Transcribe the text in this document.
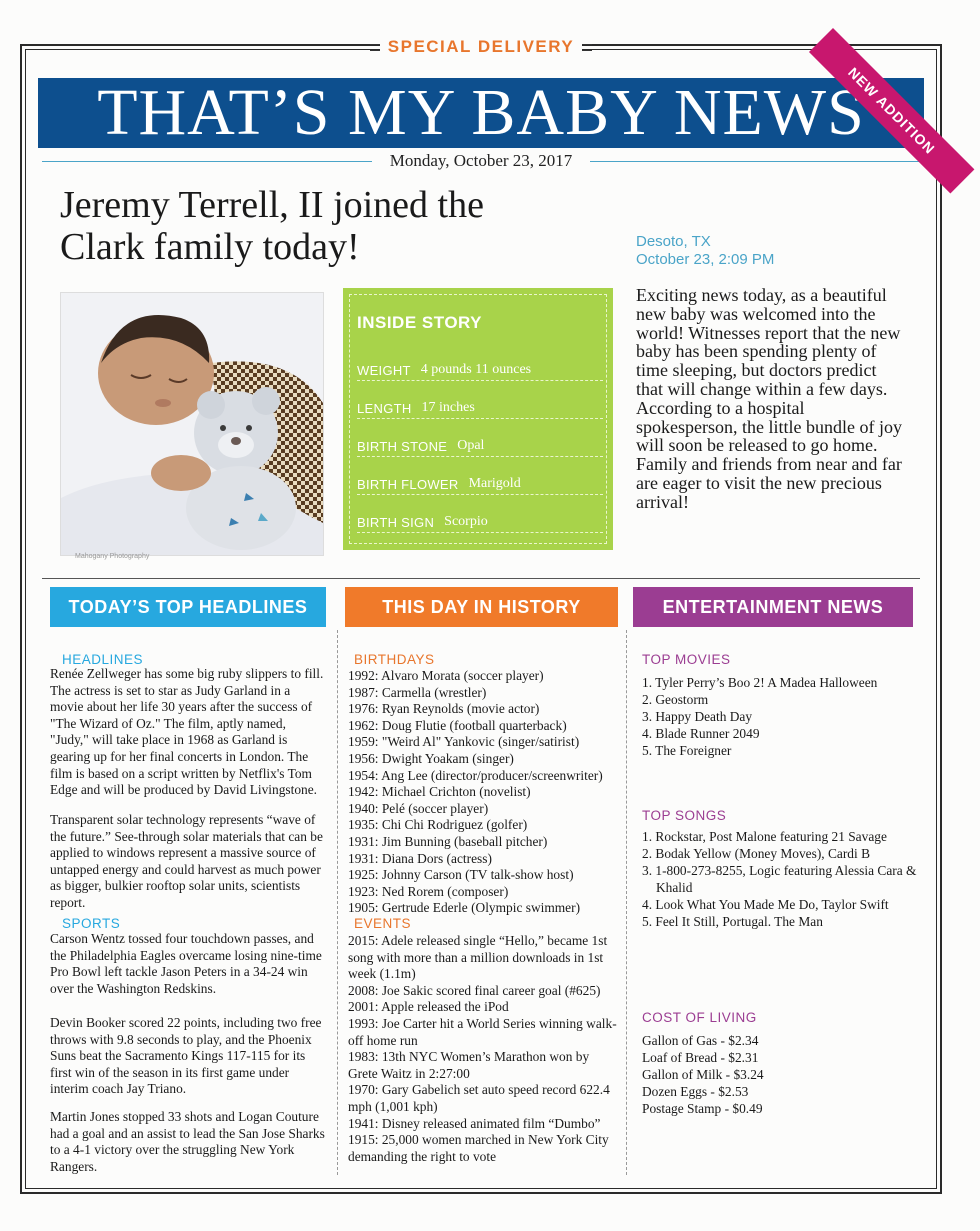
SPECIAL DELIVERY
THAT’S MY BABY NEWS
Monday, October 23, 2017
NEW ADDITION
Jeremy Terrell, II joined the
Clark family today!	Desoto, TX
October 23, 2:09 PM
Mahogany Photography
INSIDE STORY
WEIGHT 4 pounds 11 ounces
LENGTH 17 inches
BIRTH STONE Opal
BIRTH FLOWER Marigold
BIRTH SIGN Scorpio
Exciting news today, as a beautiful new baby was welcomed into the world! Witnesses report that the new baby has been spending plenty of time sleeping, but doctors predict that will change within a few days. According to a hospital spokesperson, the little bundle of joy will soon be released to go home. Family and friends from near and far are eager to visit the new precious arrival!
TODAY’S TOP HEADLINES	THIS DAY IN HISTORY	ENTERTAINMENT NEWS
HEADLINES
Renée Zellweger has some big ruby slippers to fill.
The actress is set to star as Judy Garland in a
movie about her life 30 years after the success of
"The Wizard of Oz." The film, aptly named,
"Judy," will take place in 1968 as Garland is
gearing up for her final concerts in London. The
film is based on a script written by Netflix's Tom
Edge and will be produced by David Livingstone.
Transparent solar technology represents “wave of
the future.” See-through solar materials that can be
applied to windows represent a massive source of
untapped energy and could harvest as much power
as bigger, bulkier rooftop solar units, scientists
report.
SPORTS
Carson Wentz tossed four touchdown passes, and
the Philadelphia Eagles overcame losing nine-time
Pro Bowl left tackle Jason Peters in a 34-24 win
over the Washington Redskins.
Devin Booker scored 22 points, including two free
throws with 9.8 seconds to play, and the Phoenix
Suns beat the Sacramento Kings 117-115 for its
first win of the season in its first game under
interim coach Jay Triano.
Martin Jones stopped 33 shots and Logan Couture
had a goal and an assist to lead the San Jose Sharks
to a 4-1 victory over the struggling New York
Rangers.
BIRTHDAYS
1992: Alvaro Morata (soccer player)
1987: Carmella (wrestler)
1976: Ryan Reynolds (movie actor)
1962: Doug Flutie (football quarterback)
1959: "Weird Al" Yankovic (singer/satirist)
1956: Dwight Yoakam (singer)
1954: Ang Lee (director/producer/screenwriter)
1942: Michael Crichton (novelist)
1940: Pelé (soccer player)
1935: Chi Chi Rodriguez (golfer)
1931: Jim Bunning (baseball pitcher)
1931: Diana Dors (actress)
1925: Johnny Carson (TV talk-show host)
1923: Ned Rorem (composer)
1905: Gertrude Ederle (Olympic swimmer)
EVENTS
2015: Adele released single “Hello,” became 1st
song with more than a million downloads in 1st
week (1.1m)
2008: Joe Sakic scored final career goal (#625)
2001: Apple released the iPod
1993: Joe Carter hit a World Series winning walk-
off home run
1983: 13th NYC Women’s Marathon won by
Grete Waitz in 2:27:00
1970: Gary Gabelich set auto speed record 622.4
mph (1,001 kph)
1941: Disney released animated film “Dumbo”
1915: 25,000 women marched in New York City
demanding the right to vote
TOP MOVIES
1. Tyler Perry’s Boo 2! A Madea Halloween
2. Geostorm
3. Happy Death Day
4. Blade Runner 2049
5. The Foreigner
TOP SONGS
1. Rockstar, Post Malone featuring 21 Savage
2. Bodak Yellow (Money Moves), Cardi B
3. 1-800-273-8255, Logic featuring Alessia Cara &
Khalid
4. Look What You Made Me Do, Taylor Swift
5. Feel It Still, Portugal. The Man
COST OF LIVING
Gallon of Gas - $2.34
Loaf of Bread - $2.31
Gallon of Milk - $3.24
Dozen Eggs - $2.53
Postage Stamp - $0.49
